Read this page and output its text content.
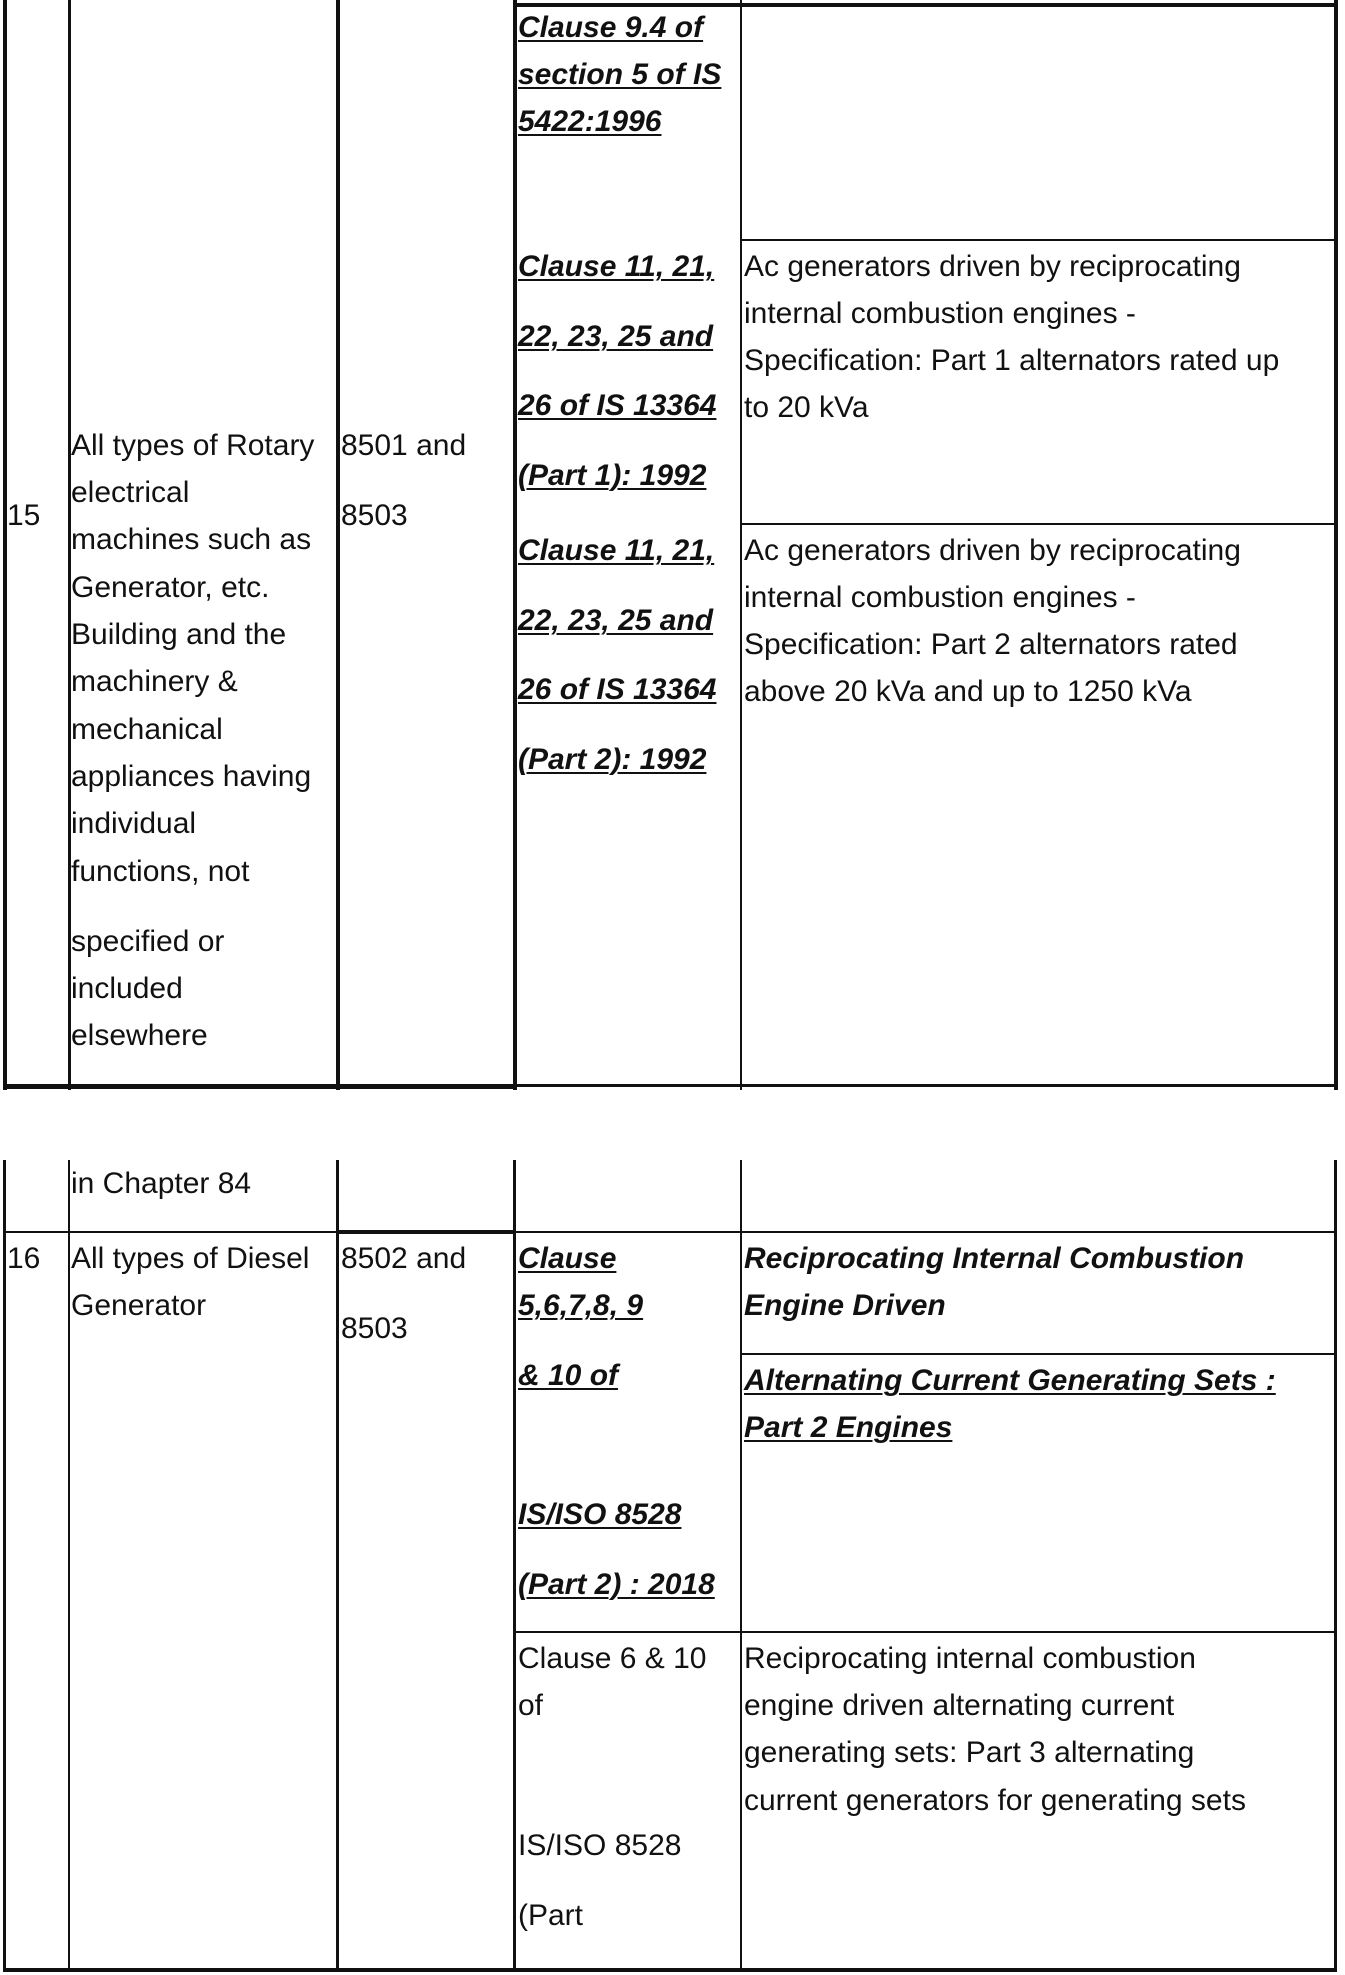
Clause 9.4 of
section 5 of IS
5422:1996
15
All types of Rotary
electrical
machines such as
Generator, etc.
Building and the
machinery &
mechanical
appliances having
individual
functions, not
specified or
included
elsewhere
8501 and
8503
Clause 11, 21,
22, 23, 25 and
26 of IS 13364
(Part 1): 1992
Ac generators driven by reciprocating
internal combustion engines -
Specification: Part 1 alternators rated up
to 20 kVa
Clause 11, 21,
22, 23, 25 and
26 of IS 13364
(Part 2): 1992
Ac generators driven by reciprocating
internal combustion engines -
Specification: Part 2 alternators rated
above 20 kVa and up to 1250 kVa
in Chapter 84
16 All types of Diesel
Generator
8502 and
8503
Clause
5,6,7,8, 9
& 10 of
IS/ISO 8528
(Part 2) : 2018
Reciprocating Internal Combustion
Engine Driven
Alternating Current Generating Sets :
Part 2 Engines
Clause 6 & 10
of
IS/ISO 8528
(Part
Reciprocating internal combustion
engine driven alternating current
generating sets: Part 3 alternating
current generators for generating sets
